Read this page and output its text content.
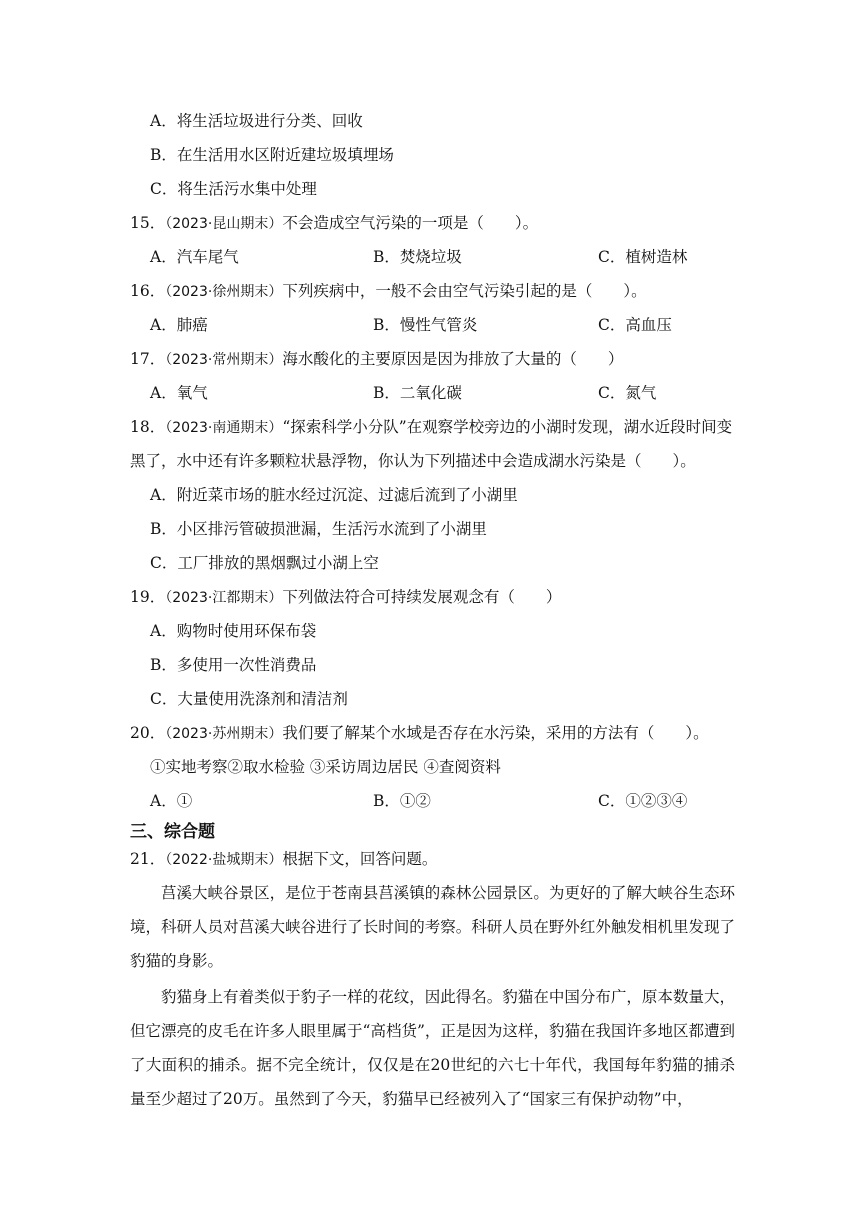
A．将生活垃圾进行分类、回收
B．在生活用水区附近建垃圾填埋场
C．将生活污水集中处理
15．（2023·昆山期末）不会造成空气污染的一项是（　　）。
A．汽车尾气	B．焚烧垃圾	C．植树造林
16．（2023·徐州期末）下列疾病中，一般不会由空气污染引起的是（　　）。
A．肺癌	B．慢性气管炎	C．高血压
17．（2023·常州期末）海水酸化的主要原因是因为排放了大量的（　　）
A．氧气	B．二氧化碳	C．氮气
18．（2023·南通期末）“探索科学小分队”在观察学校旁边的小湖时发现，湖水近段时间变
黑了，水中还有许多颗粒状悬浮物，你认为下列描述中会造成湖水污染是（　　）。
A．附近菜市场的脏水经过沉淀、过滤后流到了小湖里
B．小区排污管破损泄漏，生活污水流到了小湖里
C．工厂排放的黑烟飘过小湖上空
19．（2023·江都期末）下列做法符合可持续发展观念有（　　）
A．购物时使用环保布袋
B．多使用一次性消费品
C．大量使用洗涤剂和清洁剂
20．（2023·苏州期末）我们要了解某个水域是否存在水污染，采用的方法有（　　）。
①实地考察②取水检验 ③采访周边居民 ④查阅资料
A．①	B．①②	C．①②③④
三、综合题
21．（2022·盐城期末）根据下文，回答问题。
莒溪大峡谷景区，是位于苍南县莒溪镇的森林公园景区。为更好的了解大峡谷生态环境，科研人员对莒溪大峡谷进行了长时间的考察。科研人员在野外红外触发相机里发现了豹猫的身影。
豹猫身上有着类似于豹子一样的花纹，因此得名。豹猫在中国分布广，原本数量大，但它漂亮的皮毛在许多人眼里属于“高档货”，正是因为这样，豹猫在我国许多地区都遭到了大面积的捕杀。据不完全统计，仅仅是在20世纪的六七十年代，我国每年豹猫的捕杀量至少超过了20万。虽然到了今天，豹猫早已经被列入了“国家三有保护动物”中，
